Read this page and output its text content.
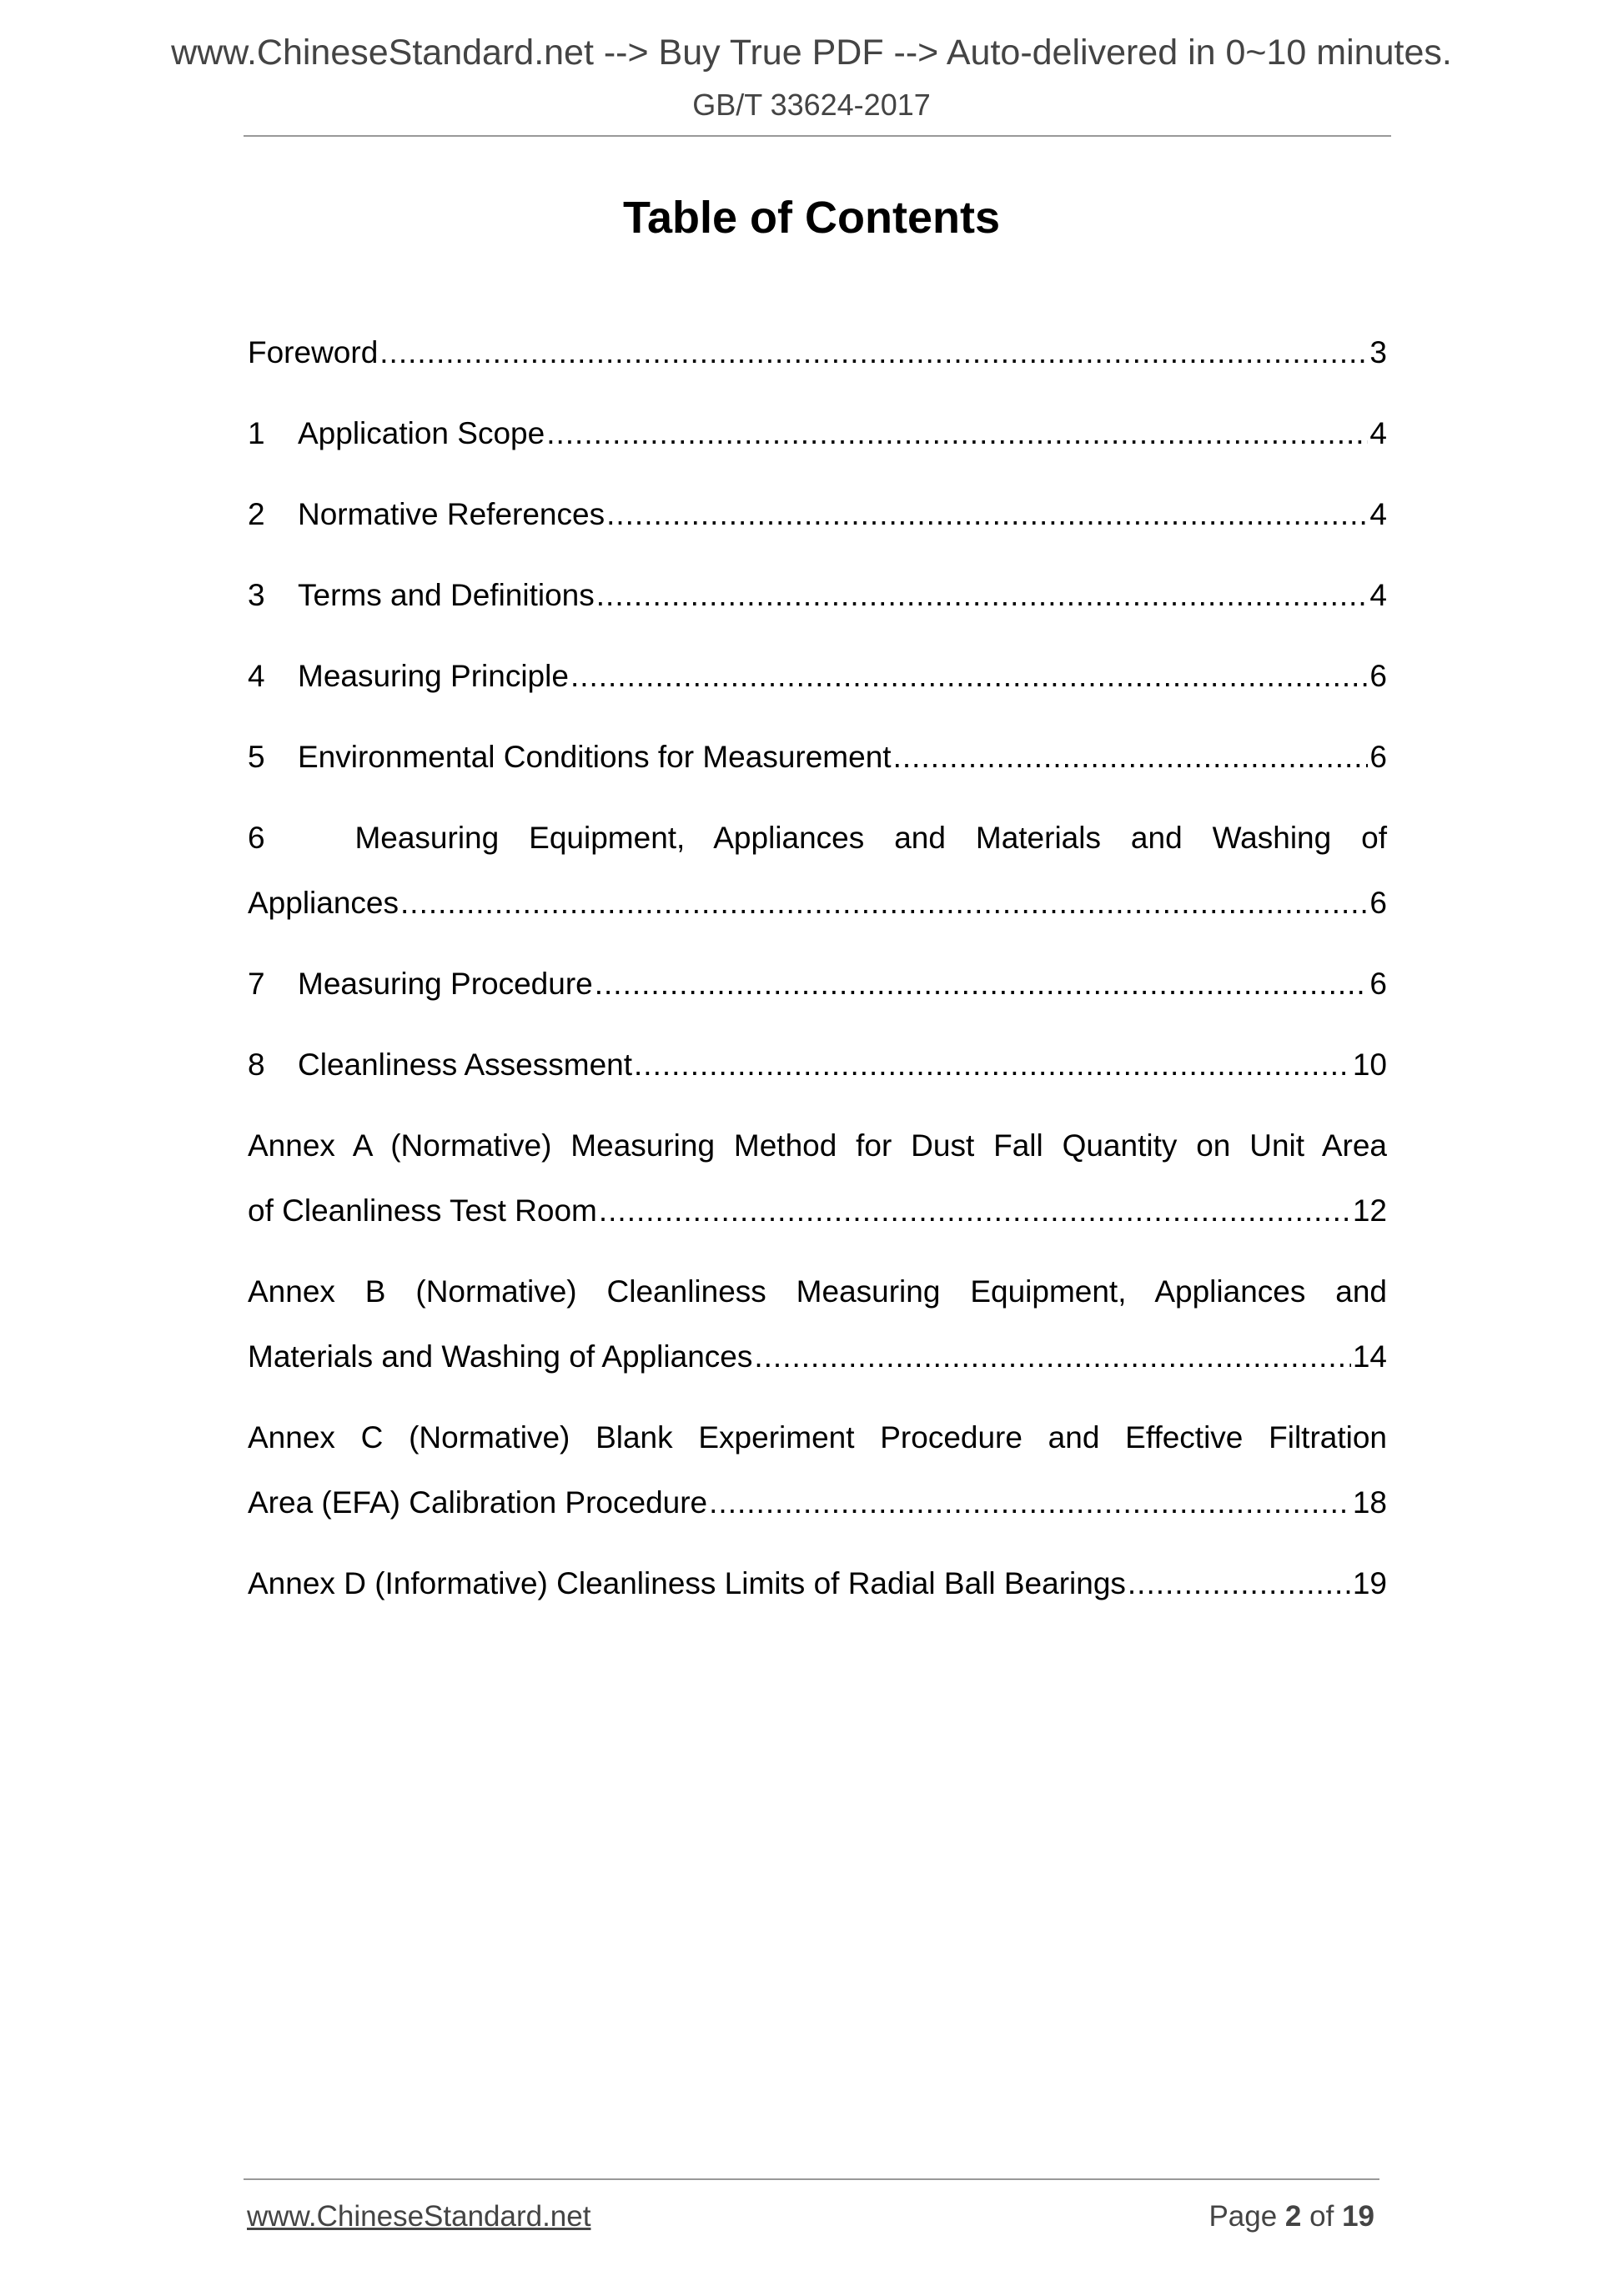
www.ChineseStandard.net --> Buy True PDF --> Auto-delivered in 0~10 minutes.
GB/T 33624-2017
Table of Contents
Foreword .....	3
1	Application Scope .....	4
2	Normative References .....	4
3	Terms and Definitions .....	4
4	Measuring Principle .....	6
5	Environmental Conditions for Measurement .....	6
6	Measuring Equipment, Appliances and Materials and Washing of
Appliances .....	6
7	Measuring Procedure .....	6
8	Cleanliness Assessment .....	10
Annex A (Normative) Measuring Method for Dust Fall Quantity on Unit Area
of Cleanliness Test Room .....	12
Annex B (Normative) Cleanliness Measuring Equipment, Appliances and
Materials and Washing of Appliances .....	14
Annex C (Normative) Blank Experiment Procedure and Effective Filtration
Area (EFA) Calibration Procedure .....	18
Annex D (Informative) Cleanliness Limits of Radial Ball Bearings .....	19
www.ChineseStandard.net	Page 2 of 19
